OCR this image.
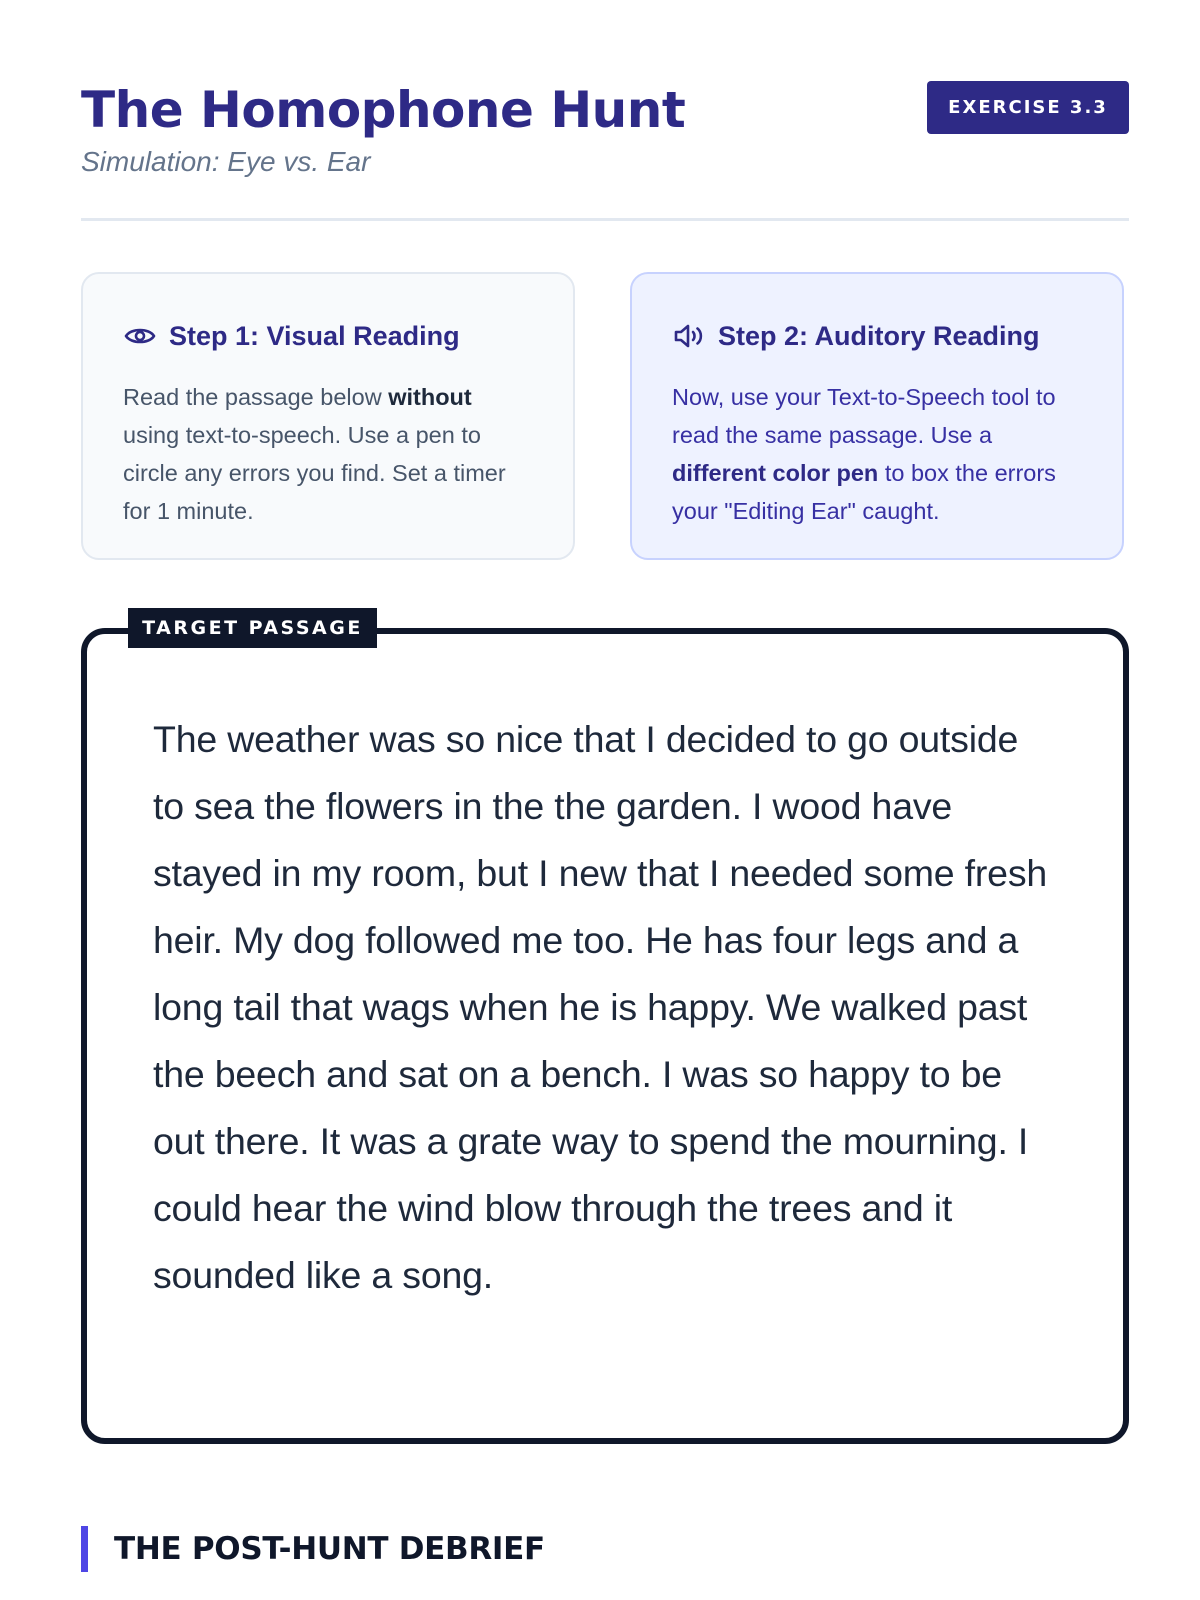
The Homophone Hunt
Simulation: Eye vs. Ear
EXERCISE 3.3
Step 1: Visual Reading
Read the passage below without using text-to-speech. Use a pen to circle any errors you find. Set a timer for 1 minute.
Step 2: Auditory Reading
Now, use your Text-to-Speech tool to read the same passage. Use a different color pen to box the errors your "Editing Ear" caught.
TARGET PASSAGE

The weather was so nice that I decided to go outside to sea the flowers in the the garden. I wood have stayed in my room, but I new that I needed some fresh heir. My dog followed me too. He has four legs and a long tail that wags when he is happy. We walked past the beech and sat on a bench. I was so happy to be out there. It was a grate way to spend the mourning. I could hear the wind blow through the trees and it sounded like a song.

THE POST-HUNT DEBRIEF
